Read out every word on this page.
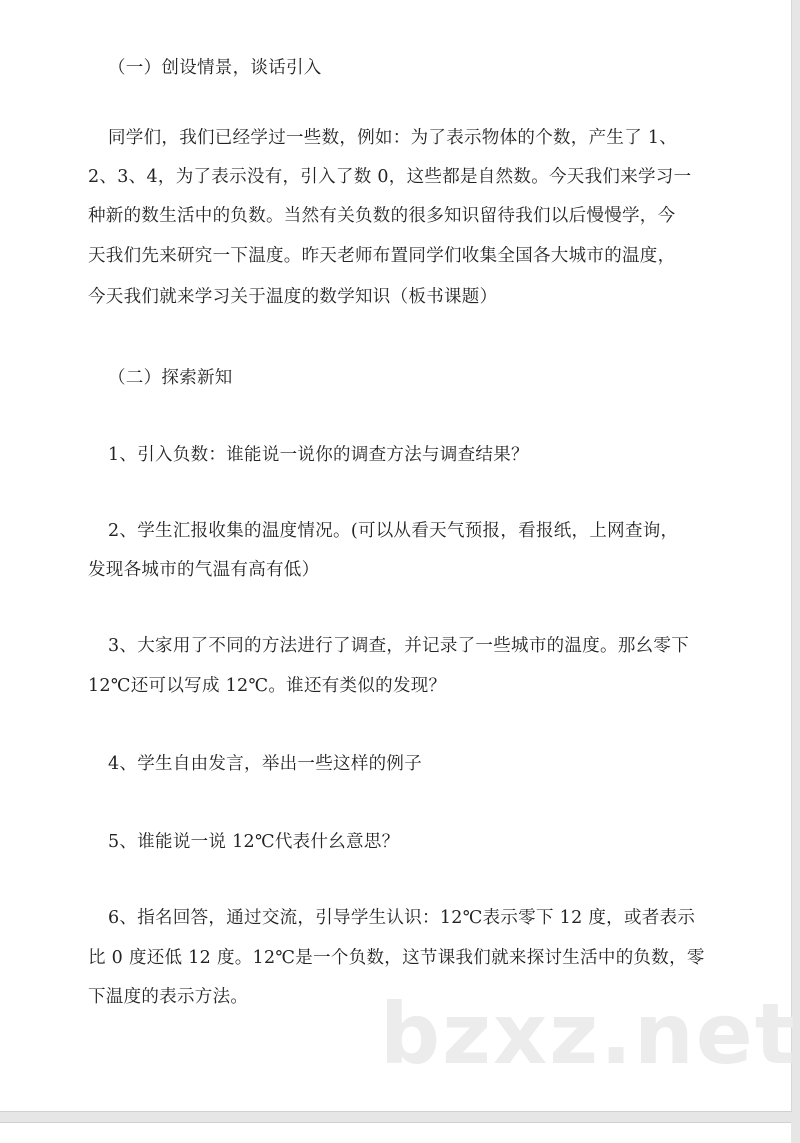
（一）创设情景，谈话引入
同学们，我们已经学过一些数，例如：为了表示物体的个数，产生了 1、
2、3、4，为了表示没有，引入了数 0，这些都是自然数。今天我们来学习一
种新的数生活中的负数。当然有关负数的很多知识留待我们以后慢慢学，今
天我们先来研究一下温度。昨天老师布置同学们收集全国各大城市的温度，
今天我们就来学习关于温度的数学知识（板书课题）
（二）探索新知
1、引入负数：谁能说一说你的调查方法与调查结果？
2、学生汇报收集的温度情况。(可以从看天气预报，看报纸，上网查询，
发现各城市的气温有高有低）
3、大家用了不同的方法进行了调查，并记录了一些城市的温度。那幺零下
12℃还可以写成 12℃。谁还有类似的发现？
4、学生自由发言，举出一些这样的例子
5、谁能说一说 12℃代表什幺意思？
6、指名回答，通过交流，引导学生认识：12℃表示零下 12 度，或者表示
比 0 度还低 12 度。12℃是一个负数，这节课我们就来探讨生活中的负数，零
下温度的表示方法。 bzxz.net
